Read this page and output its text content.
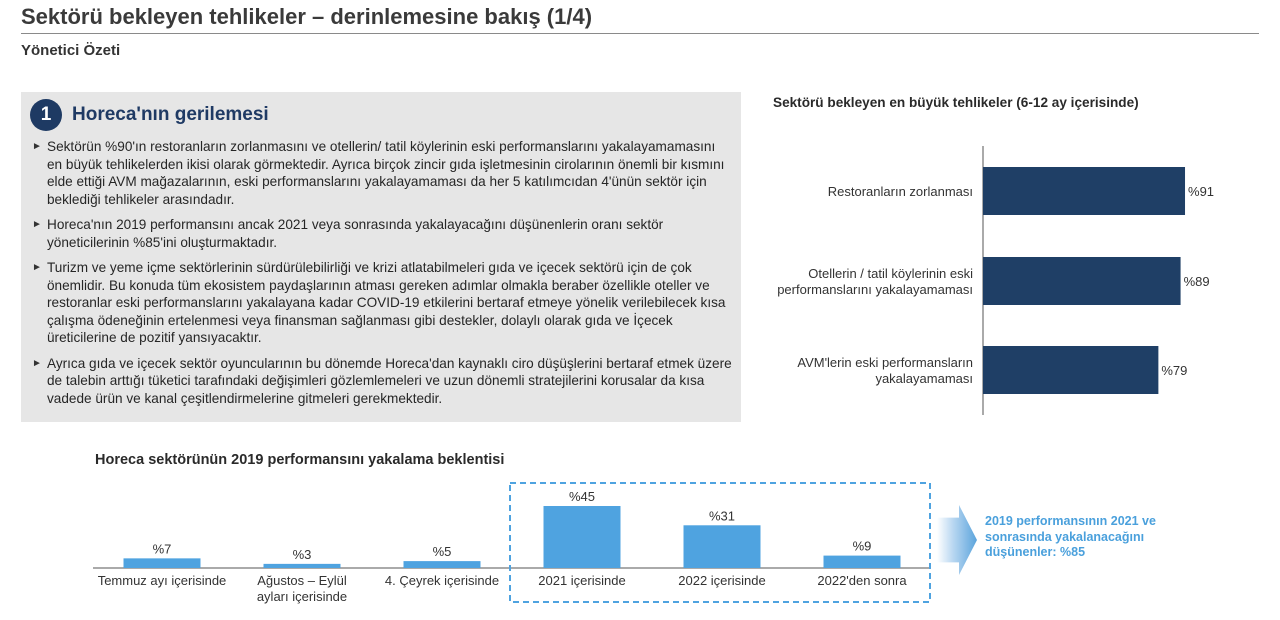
Sektörü bekleyen tehlikeler – derinlemesine bakış (1/4)
Yönetici Özeti
1	Horeca'nın gerilemesi
► Sektörün %90'ın restoranların zorlanmasını ve otellerin/ tatil köylerinin eski performanslarını yakalayamamasını en büyük tehlikelerden ikisi olarak görmektedir. Ayrıca birçok zincir gıda işletmesinin cirolarının önemli bir kısmını elde ettiği AVM mağazalarının, eski performanslarını yakalayamaması da her 5 katılımcıdan 4'ünün sektör için beklediği tehlikeler arasındadır.
► Horeca'nın 2019 performansını ancak 2021 veya sonrasında yakalayacağını düşünenlerin oranı sektör yöneticilerinin %85'ini oluşturmaktadır.
► Turizm ve yeme içme sektörlerinin sürdürülebilirliği ve krizi atlatabilmeleri gıda ve içecek sektörü için de çok önemlidir. Bu konuda tüm ekosistem paydaşlarının atması gereken adımlar olmakla beraber özellikle oteller ve restoranlar eski performanslarını yakalayana kadar COVID-19 etkilerini bertaraf etmeye yönelik verilebilecek kısa çalışma ödeneğinin ertelenmesi veya finansman sağlanması gibi destekler, dolaylı olarak gıda ve İçecek üreticilerine de pozitif yansıyacaktır.
► Ayrıca gıda ve içecek sektör oyuncularının bu dönemde Horeca'dan kaynaklı ciro düşüşlerini bertaraf etmek üzere de talebin arttığı tüketici tarafındaki değişimleri gözlemlemeleri ve uzun dönemli stratejilerini korusalar da kısa vadede ürün ve kanal çeşitlendirmelerine gitmeleri gerekmektedir.
Sektörü bekleyen en büyük tehlikeler (6-12 ay içerisinde)
%91
Restoranların zorlanması
%89
Otellerin / tatil köylerinin eski
performanslarını yakalayamaması
%79
AVM'lerin eski performansların
yakalayamaması
Horeca sektörünün 2019 performansını yakalama beklentisi
%7
Temmuz ayı içerisinde
%3
Ağustos – Eylül
ayları içerisinde
%5
4. Çeyrek içerisinde
%45
2021 içerisinde
%31
2022 içerisinde
%9
2022'den sonra
2019 performansının 2021 ve sonrasında yakalanacağını düşünenler: %85
